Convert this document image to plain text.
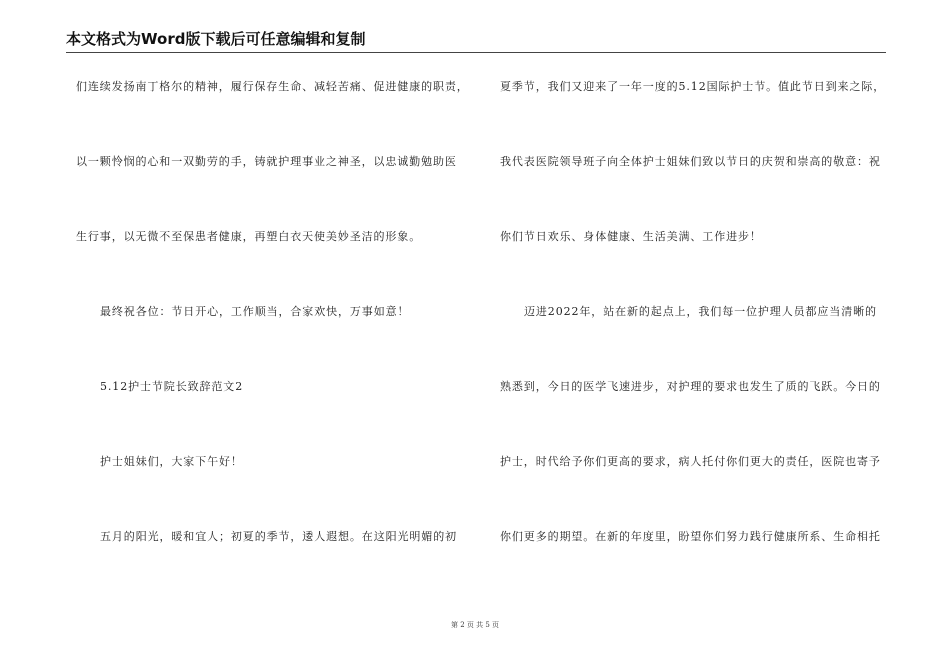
本文格式为Word版下载后可任意编辑和复制
们连续发扬南丁格尔的精神，履行保存生命、减轻苦痛、促进健康的职责，
以一颗怜悯的心和一双勤劳的手，铸就护理事业之神圣，以忠诚勤勉助医
生行事，以无微不至保患者健康，再塑白衣天使美妙圣洁的形象。
最终祝各位：节日开心，工作顺当，合家欢快，万事如意！
5.12护士节院长致辞范文2
护士姐妹们，大家下午好！
五月的阳光，暖和宜人；初夏的季节，逶人遐想。在这阳光明媚的初
夏季节，我们又迎来了一年一度的5.12国际护士节。值此节日到来之际，
我代表医院领导班子向全体护士姐妹们致以节日的庆贺和崇高的敬意：祝
你们节日欢乐、身体健康、生活美满、工作进步！
迈进2022年，站在新的起点上，我们每一位护理人员都应当清晰的
熟悉到，今日的医学飞速进步，对护理的要求也发生了质的飞跃。今日的
护士，时代给予你们更高的要求，病人托付你们更大的责任，医院也寄予
你们更多的期望。在新的年度里，盼望你们努力践行健康所系、生命相托
第 2 页 共 5 页
